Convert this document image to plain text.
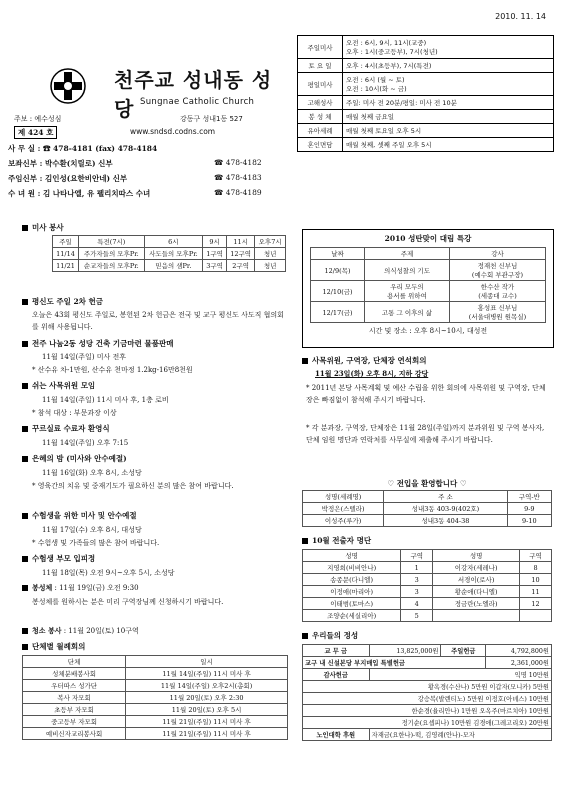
2010. 11. 14
천주교 성내동 성당 Sungnae Catholic Church
주보 : 예수성심	강동구 성내1동 527
제 424 호	www.sndsd.codns.com
사 무 실 : ☎ 478-4181 (fax) 478-4184
보좌신부 : 박수환(치릴로) 신부	☎ 478-4182
주임신부 : 김인성(요한비안네) 신부	☎ 478-4183
수 녀 원 : 김 나타나엘, 유 펠리치따스 수녀	☎ 478-4189
주일미사	오전 : 6시, 9시, 11시(교중)
오후 : 1시(중고등부), 7시(청년)
토 요 일	오후 : 4시(초등부), 7시(특전)
평일미사	오전 : 6시 (월 ~ 토)
오전 : 10시(화 ~ 금)
고해성사	주일: 미사 전 20분/평일: 미사 전 10분
봉 성 체	매월 첫째 금요일
유아세례	매월 첫째 토요일 오후 5시
혼인면담	매월 첫째, 셋째 주일 오후 5시
미사 봉사
주일	특전(7시)	6시	9시	11시	오후7시
11/14	주가자들의 모후Pr.	사도들의 모후Pr.	1구역	12구역	청년
11/21	순교자들의 모후Pr.	믿음의 샘Pr.	3구역	2구역	청년
평신도 주일 2차 헌금
오늘은 43회 평신도 주일로, 봉헌된 2차 헌금은 전국 및 교구 평신도 사도직 협의회를 위해 사용됩니다.
전주 나눔2동 성당 건축 기금마련 물품판매
11월 14일(주일) 미사 전후
* 산수유 차-1만원, 산수유 천마정 1.2kg-16만8천원
쉬는 사목위원 모임
11월 14일(주일) 11시 미사 후, 1층 로비
* 참석 대상 : 부문과장 이상
꾸르실료 수료자 환영식
11월 14일(주일) 오후 7:15
은혜의 밤 (미사와 안수예절)
11월 16일(화) 오후 8시, 소성당
* 영육간의 치유 및 중재기도가 필요하신 분의 많은 참여 바랍니다.
수험생을 위한 미사 및 안수예절
11월 17일(수) 오후 8시, 대성당
* 수험생 및 가족들의 많은 참여 바랍니다.
수험생 부모 입피정
11월 18일(목) 오전 9시~오후 5시, 소성당
봉성체 : 11월 19일(금) 오전 9:30
봉성체를 원하시는 분은 미리 구역장님께 신청하시기 바랍니다.
청소 봉사 : 11월 20일(토) 10구역
단체별 월례회의
단체	일시
성체분배봉사회	11월 14일(주일) 11시 미사 후
우터따스 성가단	11월 14일(주일) 오후2시(총회)
복사 자모회	11월 20일(토) 오후 2:30
초등부 자모회	11월 20일(토) 오후 5시
중고등부 자모회	11월 21일(주일) 11시 미사 후
예비신자교리봉사회	11월 21일(주일) 11시 미사 후
2010 성탄맞이 대림 특강
날짜	주제	강사
12/9(목)	의식성찰의 기도	정재천 신부님
(예수회 부관구장)
12/10(금)	우리 모두의
용서를 위하여	한수산 작가
(세종대 교수)
12/17(금)	고통 그 이후의 삶	홍성표 신부님
(서울대병원 원목실)
시간 및 장소 : 오후 8시~10시, 대성전
사목위원, 구역장, 단체장 연석회의
11월 23일(화) 오후 8시, 지하 강당
* 2011년 본당 사목계획 및 예산 수립을 위한 회의에 사목위원 및 구역장, 단체장은 빠짐없이 참석해 주시기 바랍니다.
* 각 분과장, 구역장, 단체장은 11월 28일(주일)까지 분과위원 및 구역 봉사자, 단체 임원 명단과 연락처를 사무실에 제출해 주시기 바랍니다.
♡ 전입을 환영합니다 ♡
성명(세례명)	주 소	구역-반
박정은(스텔라)	성내3동 403-9(402호)	9-9
이성주(루가)	성내3동 404-38	9-10
10월 전출자 명단
성명	구역	성명	구역
지영희(비비안나)	1	이강자(세레나)	8
송종문(다니엘)	3	서경이(로사)	10
이정애(마리아)	3	황순애(다니엘)	11
이태범(토마스)	4	정금란(노엘라)	12
조양순(세실리아)	5		
우리들의 정성
교 무 금	13,825,000원	주일헌금	4,792,800원
교구 내 신설본당 부지매입 특별헌금			2,361,000원
감사헌금	익명 10만원		
황옥경(수산나) 5만원 이갑자(모니카) 5만원			
강승복(발렌티노) 5만원 이정호(아녜스) 10만원			
한순경(율리안나) 1만원 오옥주(마르치아) 10만원			
정기순(요셉피나) 10만원 김경애(그레고리오) 20만원			
노인대학 후원	자재금(요한나)-떡, 김영례(안나)-모자		
